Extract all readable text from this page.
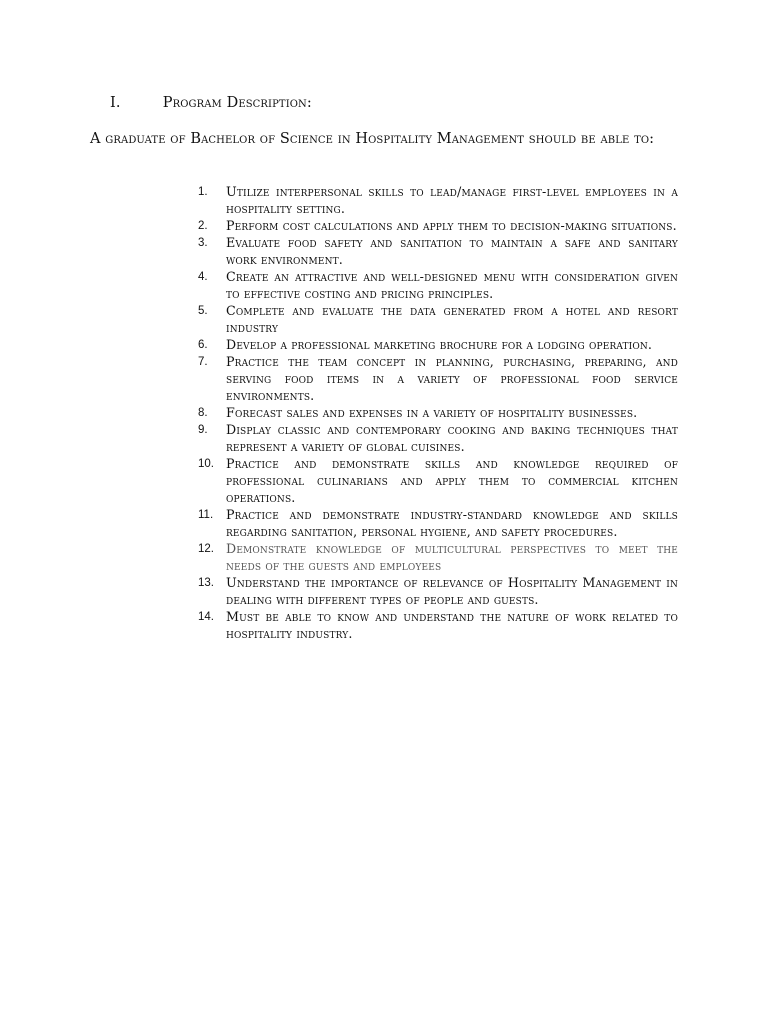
I.	Program Description:
A graduate of Bachelor of Science in Hospitality Management should be able to:
1.	Utilize interpersonal skills to lead/manage first-level employees in a hospitality setting.
2.	Perform cost calculations and apply them to decision-making situations.
3.	Evaluate food safety and sanitation to maintain a safe and sanitary work environment.
4.	Create an attractive and well-designed menu with consideration given to effective costing and pricing principles.
5.	Complete and evaluate the data generated from a hotel and resort industry
6.	Develop a professional marketing brochure for a lodging operation.
7.	Practice the team concept in planning, purchasing, preparing, and serving food items in a variety of professional food service environments.
8.	Forecast sales and expenses in a variety of hospitality businesses.
9.	Display classic and contemporary cooking and baking techniques that represent a variety of global cuisines.
10. Practice and demonstrate skills and knowledge required of professional culinarians and apply them to commercial kitchen operations.
11.	Practice and demonstrate industry-standard knowledge and skills regarding sanitation, personal hygiene, and safety procedures.
12. Demonstrate knowledge of multicultural perspectives to meet the needs of the guests and employees
13. Understand the importance of relevance of Hospitality Management in dealing with different types of people and guests.
14. Must be able to know and understand the nature of work related to hospitality industry.
